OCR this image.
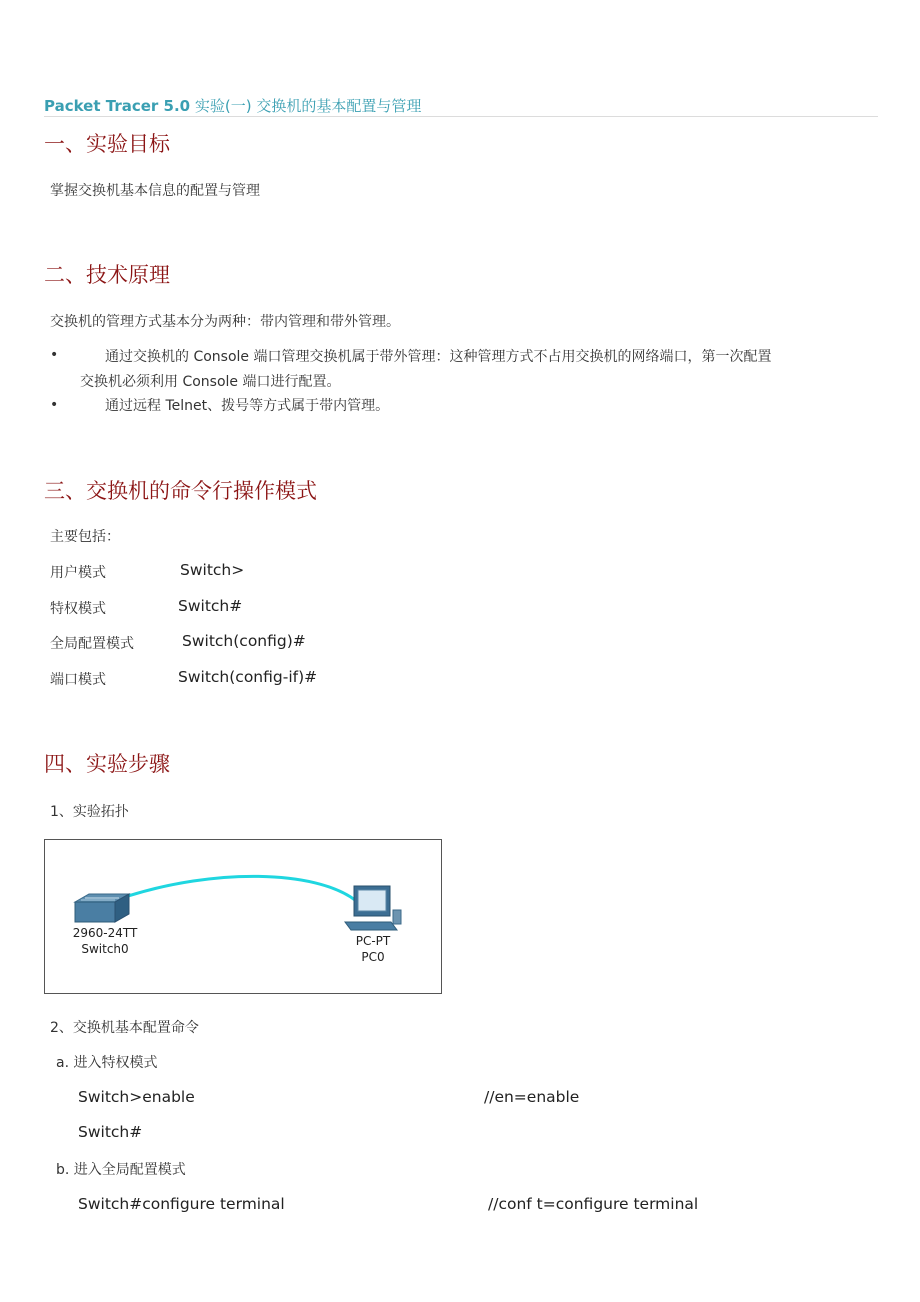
Packet Tracer 5.0 实验(一) 交换机的基本配置与管理
一、实验目标
掌握交换机基本信息的配置与管理
二、技术原理
交换机的管理方式基本分为两种：带内管理和带外管理。
•	通过交换机的 Console 端口管理交换机属于带外管理：这种管理方式不占用交换机的网络端口，第一次配置
交换机必须利用 Console 端口进行配置。
•	通过远程 Telnet、拨号等方式属于带内管理。
三、交换机的命令行操作模式
主要包括：
用户模式	Switch>
特权模式	Switch#
全局配置模式	Switch(config)#
端口模式	Switch(config-if)#
四、实验步骤
1、实验拓扑
2960-24TT
Switch0
PC-PT
PC0
2、交换机基本配置命令
a. 进入特权模式
Switch>enable	//en=enable
Switch#
b. 进入全局配置模式
Switch#configure terminal	//conf t=configure terminal
